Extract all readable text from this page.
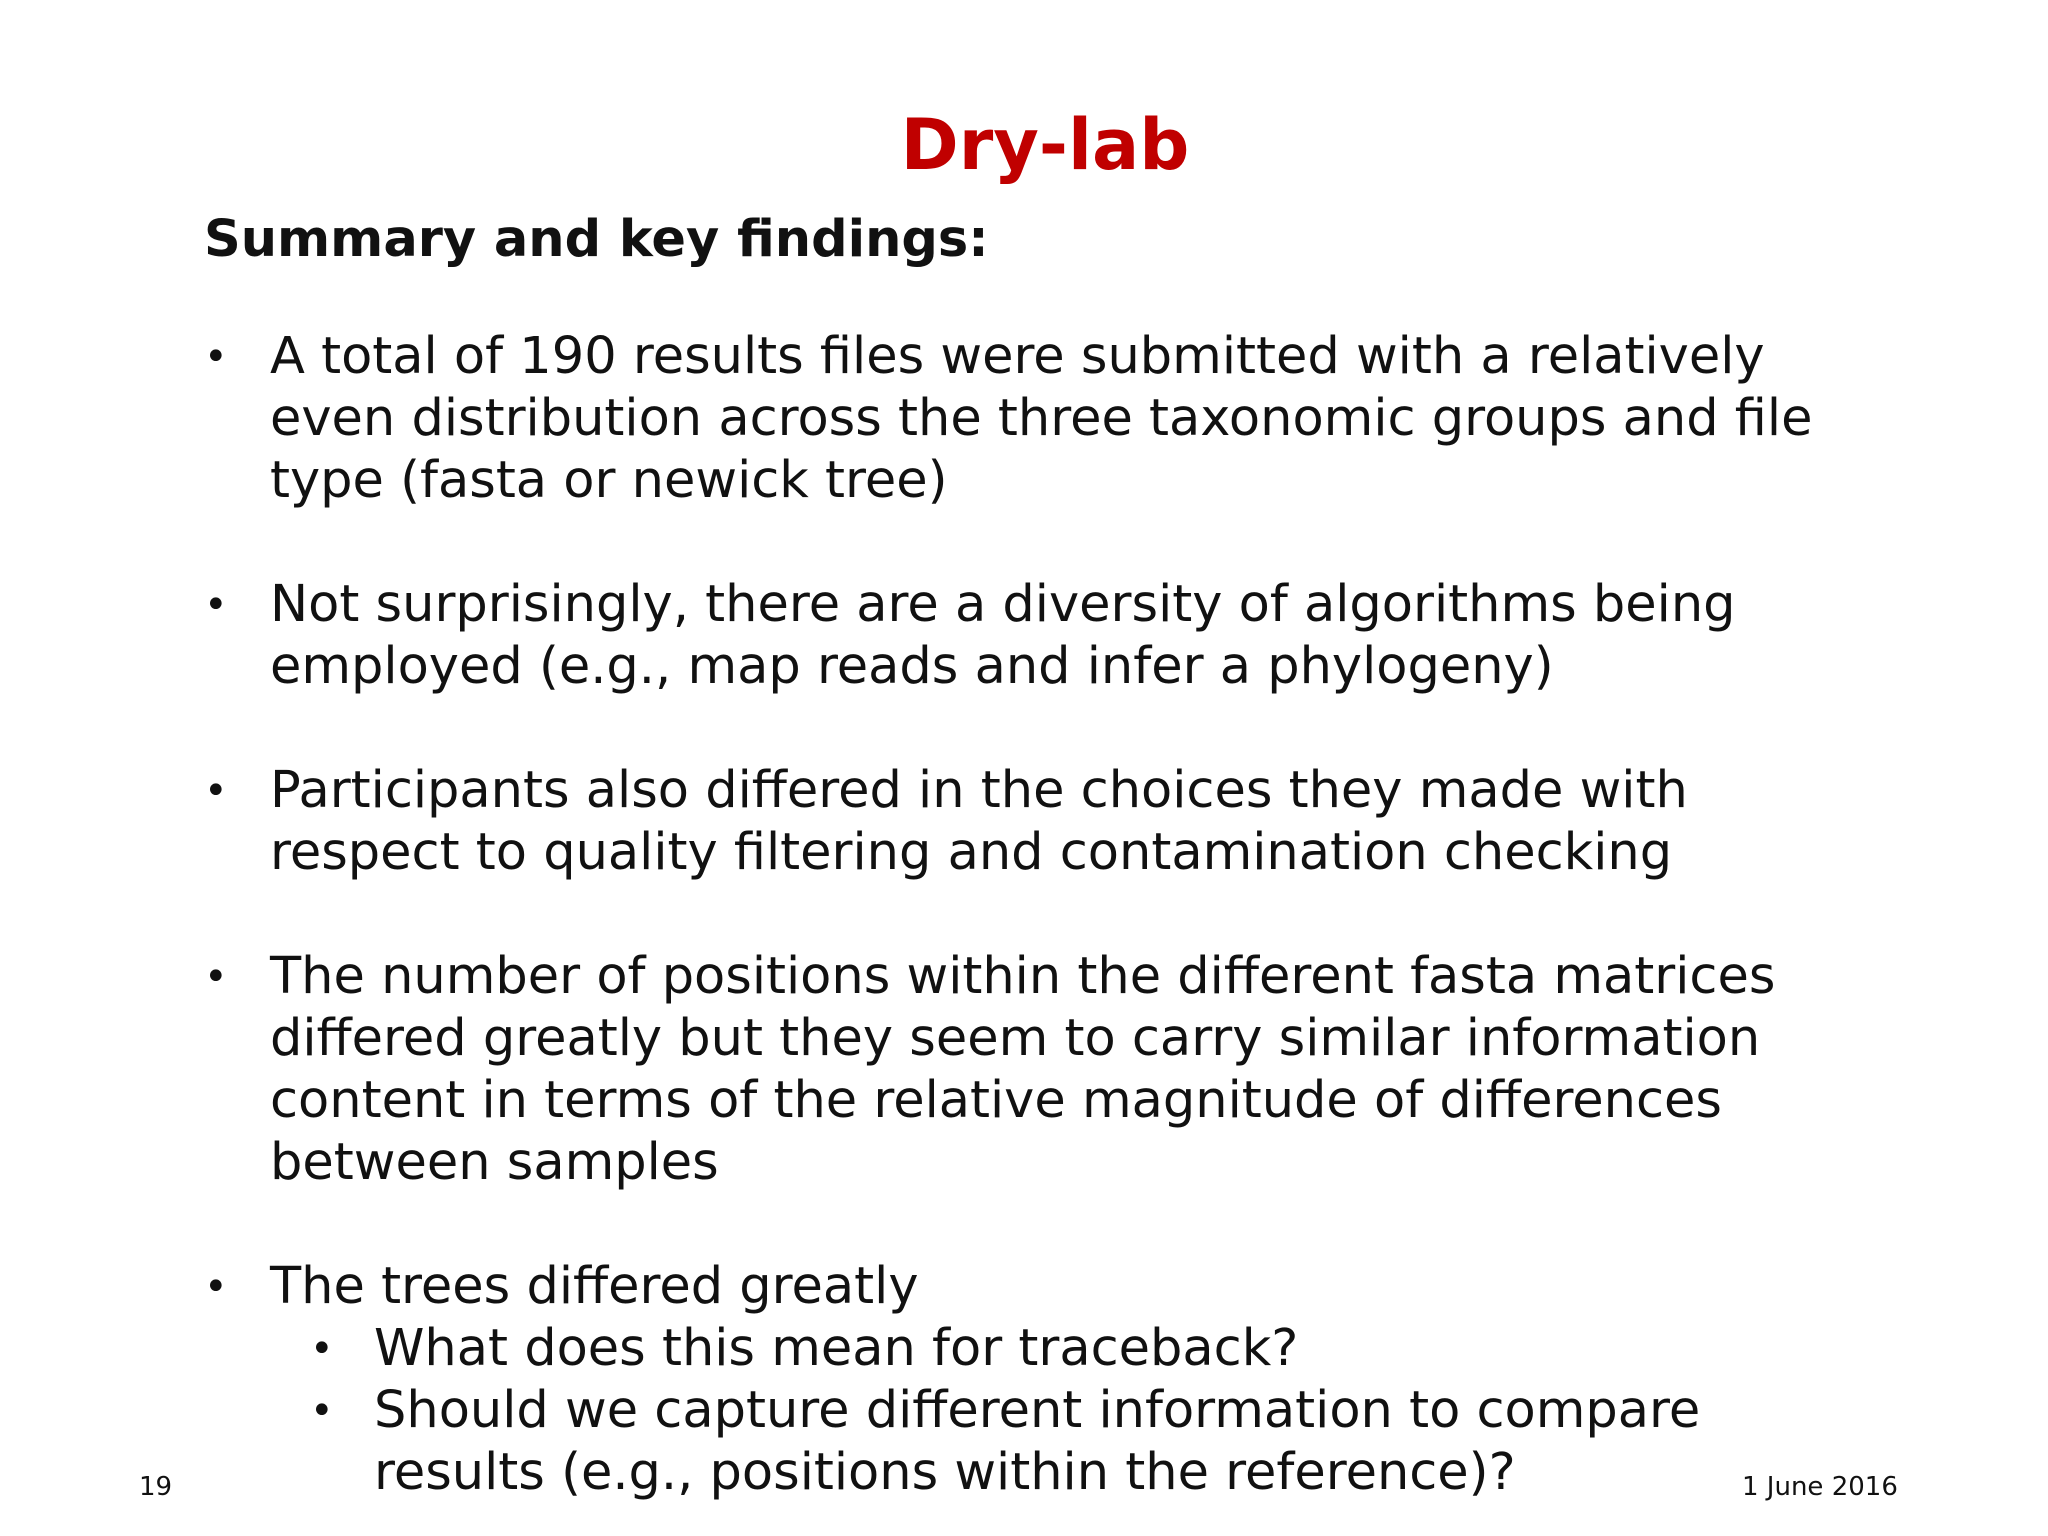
Dry-lab
Summary and key findings:
• A total of 190 results files were submitted with a relatively even distribution across the three taxonomic groups and file type (fasta or newick tree)
• Not surprisingly, there are a diversity of algorithms being employed (e.g., map reads and infer a phylogeny)
• Participants also differed in the choices they made with respect to quality filtering and contamination checking
• The number of positions within the different fasta matrices differed greatly but they seem to carry similar information content in terms of the relative magnitude of differences between samples
• The trees differed greatly
• What does this mean for traceback?
• Should we capture different information to compare results (e.g., positions within the reference)?
19	1 June 2016
